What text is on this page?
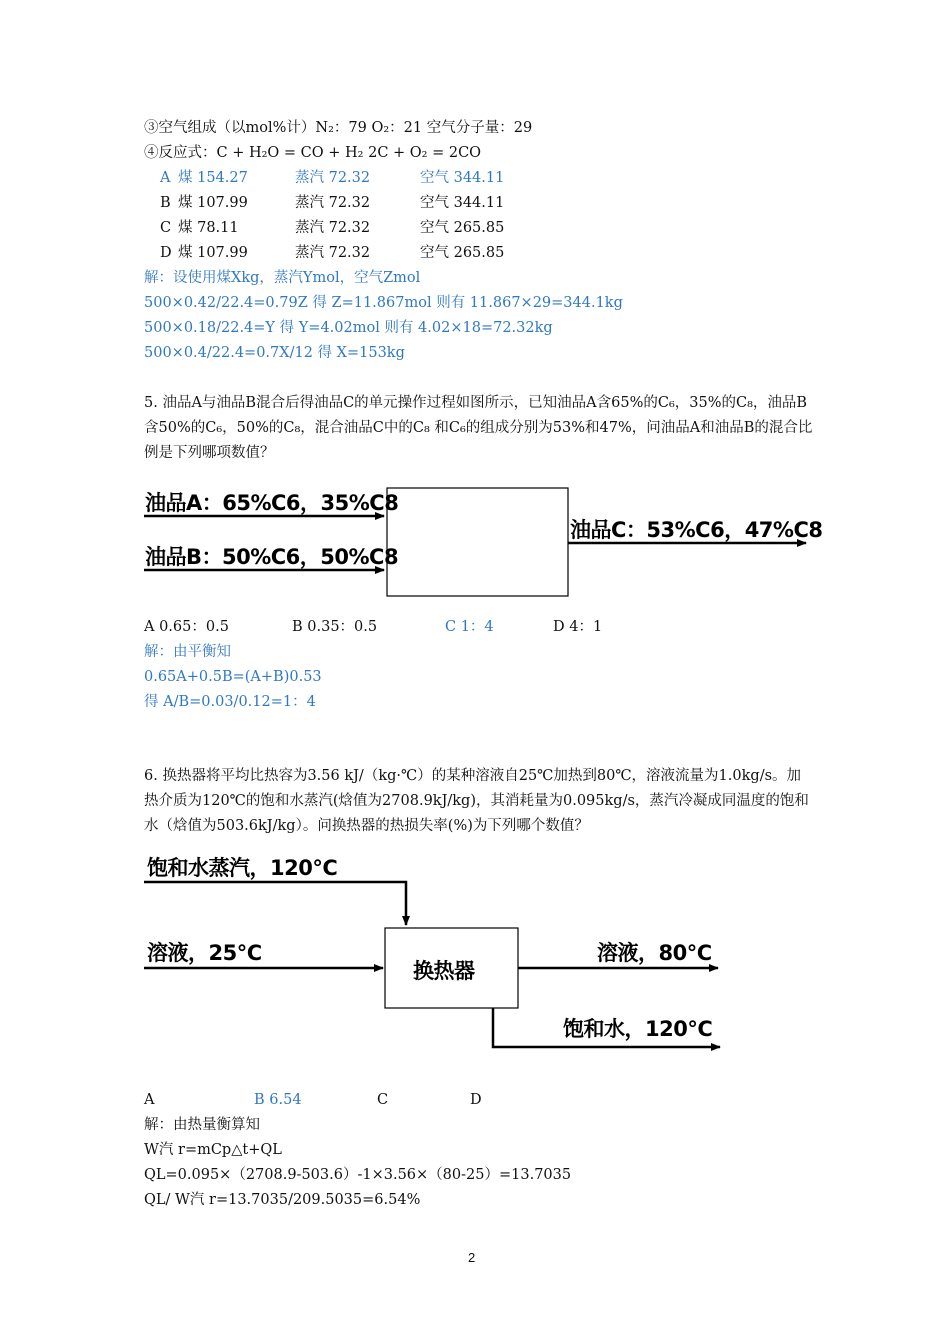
③空气组成（以mol%计）N₂：79 O₂：21 空气分子量：29
④反应式：C + H₂O = CO + H₂ 2C + O₂ = 2CO
A 煤 154.27	蒸汽 72.32	空气 344.11
B 煤 107.99	蒸汽 72.32	空气 344.11
C 煤 78.11	蒸汽 72.32	空气 265.85
D 煤 107.99	蒸汽 72.32	空气 265.85
解：设使用煤Xkg，蒸汽Ymol，空气Zmol
500×0.42/22.4=0.79Z 得 Z=11.867mol 则有 11.867×29=344.1kg
500×0.18/22.4=Y 得 Y=4.02mol 则有 4.02×18=72.32kg
500×0.4/22.4=0.7X/12 得 X=153kg
5. 油品A与油品B混合后得油品C的单元操作过程如图所示，已知油品A含65%的C₆，35%的C₈，油品B含50%的C₆，50%的C₈，混合油品C中的C₈ 和C₆的组成分别为53%和47%，问油品A和油品B的混合比例是下列哪项数值？
油品A：65%C6，35%C8
油品B：50%C6，50%C8
油品C：53%C6，47%C8
A 0.65：0.5	B 0.35：0.5	C 1：4	D 4：1
解：由平衡知
0.65A+0.5B=(A+B)0.53
得 A/B=0.03/0.12=1：4
6. 换热器将平均比热容为3.56 kJ/（kg·℃）的某种溶液自25℃加热到80℃，溶液流量为1.0kg/s。加热介质为120℃的饱和水蒸汽(焓值为2708.9kJ/kg)，其消耗量为0.095kg/s，蒸汽冷凝成同温度的饱和水（焓值为503.6kJ/kg）。问换热器的热损失率(%)为下列哪个数值？
饱和水蒸汽，120℃
溶液，25℃
换热器
溶液，80℃
饱和水，120℃
A	B 6.54	C	D
解：由热量衡算知
W汽 r=mCp△t+QL
QL=0.095×（2708.9-503.6）-1×3.56×（80-25）=13.7035
QL/ W汽 r=13.7035/209.5035=6.54%
2
